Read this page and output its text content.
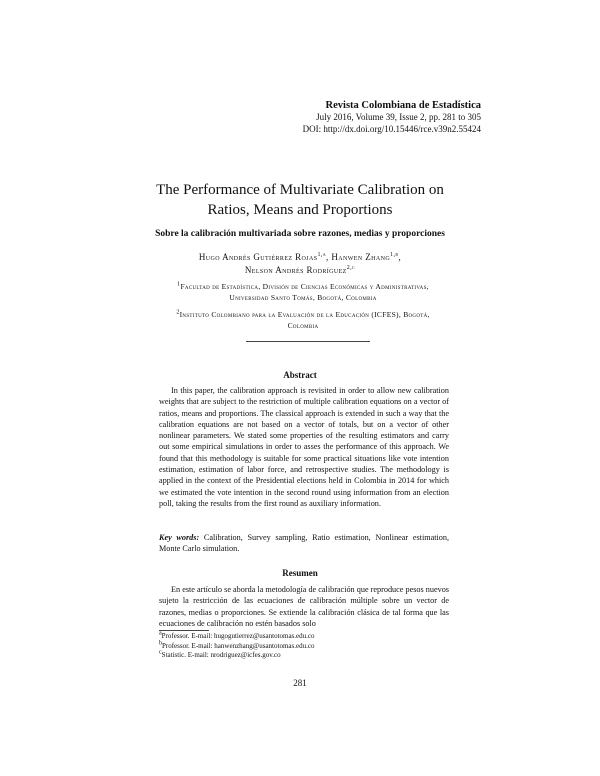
Revista Colombiana de Estadística
July 2016, Volume 39, Issue 2, pp. 281 to 305
DOI: http://dx.doi.org/10.15446/rce.v39n2.55424
The Performance of Multivariate Calibration on
Ratios, Means and Proportions
Sobre la calibración multivariada sobre razones, medias y proporciones
Hugo Andrés Gutiérrez Rojas$^{1,a}$, Hanwen Zhang$^{1,b}$,
Nelson Andrés Rodríguez$^{2,c}$
$^1$Facultad de Estadística, División de Ciencias Económicas y Administrativas,
Universidad Santo Tomás, Bogotá, Colombia
$^2$Instituto Colombiano para la Evaluación de la Educación (ICFES), Bogotá,
Colombia
Abstract

In this paper, the calibration approach is revisited in order to allow new calibration weights that are subject to the restriction of multiple calibration equations on a vector of ratios, means and proportions. The classical approach is extended in such a way that the calibration equations are not based on a vector of totals, but on a vector of other nonlinear parameters. We stated some properties of the resulting estimators and carry out some empirical simulations in order to asses the performance of this approach. We found that this methodology is suitable for some practical situations like vote intention estimation, estimation of labor force, and retrospective studies. The methodology is applied in the context of the Presidential elections held in Colombia in 2014 for which we estimated the vote intention in the second round using information from an election poll, taking the results from the first round as auxiliary information.

Key words: Calibration, Survey sampling, Ratio estimation, Nonlinear estimation, Monte Carlo simulation.

Resumen

En este artículo se aborda la metodología de calibración que reproduce pesos nuevos sujeto la restricción de las ecuaciones de calibración múltiple sobre un vector de razones, medias o proporciones. Se extiende la calibración clásica de tal forma que las ecuaciones de calibración no estén basados solo

$^a$Professor. E-mail: hugogutierrez@usantotomas.edu.co
$^b$Professor. E-mail: hanwenzhang@usantotomas.edu.co
$^c$Statistic. E-mail: nrodriguez@icfes.gov.co
281
